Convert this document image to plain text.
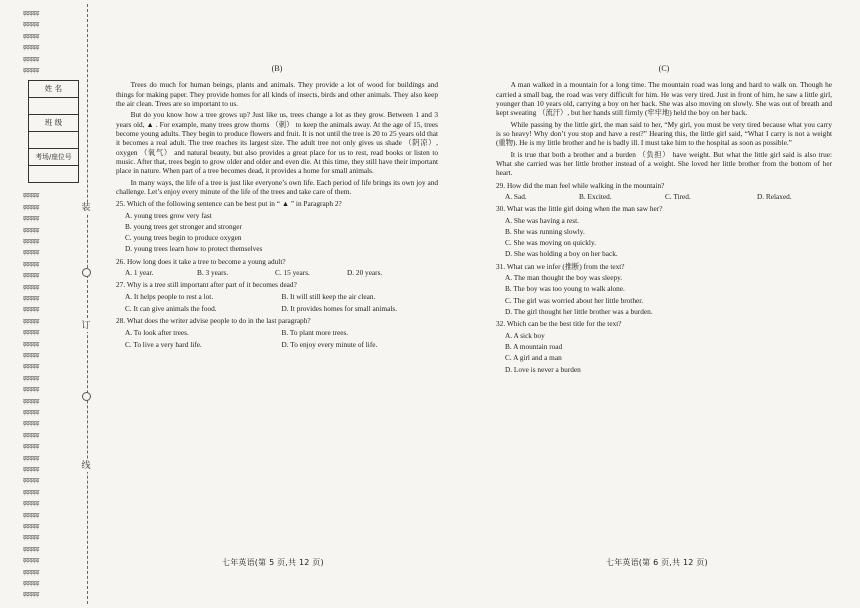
ढ़ढ़ढ़ढ़ढ़
ढ़ढ़ढ़ढ़ढ़
ढ़ढ़ढ़ढ़ढ़
ढ़ढ़ढ़ढ़ढ़
ढ़ढ़ढ़ढ़ढ़
ढ़ढ़ढ़ढ़ढ़
ढ़ढ़ढ़ढ़ढ़
ढ़ढ़ढ़ढ़ढ़
ढ़ढ़ढ़ढ़ढ़
ढ़ढ़ढ़ढ़ढ़
ढ़ढ़ढ़ढ़ढ़
ढ़ढ़ढ़ढ़ढ़
ढ़ढ़ढ़ढ़ढ़
ढ़ढ़ढ़ढ़ढ़
ढ़ढ़ढ़ढ़ढ़
ढ़ढ़ढ़ढ़ढ़
ढ़ढ़ढ़ढ़ढ़
ढ़ढ़ढ़ढ़ढ़
ढ़ढ़ढ़ढ़ढ़
ढ़ढ़ढ़ढ़ढ़
ढ़ढ़ढ़ढ़ढ़
ढ़ढ़ढ़ढ़ढ़
ढ़ढ़ढ़ढ़ढ़
ढ़ढ़ढ़ढ़ढ़
ढ़ढ़ढ़ढ़ढ़
ढ़ढ़ढ़ढ़ढ़
ढ़ढ़ढ़ढ़ढ़
ढ़ढ़ढ़ढ़ढ़
ढ़ढ़ढ़ढ़ढ़
ढ़ढ़ढ़ढ़ढ़
ढ़ढ़ढ़ढ़ढ़
ढ़ढ़ढ़ढ़ढ़
ढ़ढ़ढ़ढ़ढ़
ढ़ढ़ढ़ढ़ढ़
ढ़ढ़ढ़ढ़ढ़
ढ़ढ़ढ़ढ़ढ़
ढ़ढ़ढ़ढ़ढ़
ढ़ढ़ढ़ढ़ढ़
ढ़ढ़ढ़ढ़ढ़
ढ़ढ़ढ़ढ़ढ़
ढ़ढ़ढ़ढ़ढ़
ढ़ढ़ढ़ढ़ढ़
姓 名

班 级

考场/座位号

装
订
线
(B)

Trees do much for human beings, plants and animals. They provide a lot of wood for buildings and things for making paper. They provide homes for all kinds of insects, birds and other animals. They also keep the air clean. Trees are so important to us.

But do you know how a tree grows up? Just like us, trees change a lot as they grow. Between 1 and 3 years old, ▲ . For example, many trees grow thorns （刺） to keep the animals away. At the age of 15, trees become young adults. They begin to produce flowers and fruit. It is not until the tree is 20 to 25 years old that it becomes a real adult. The tree reaches its largest size. The adult tree not only gives us shade （阴凉）, oxygen （氧气） and natural beauty, but also provides a great place for us to rest, read books or listen to music. After that, trees begin to grow older and older and even die. At this time, they still have their important place in nature. When part of a tree becomes dead, it provides a home for small animals.

In many ways, the life of a tree is just like everyone’s own life. Each period of life brings its own joy and challenge. Let’s enjoy every minute of the life of the trees and take care of them.

25. Which of the following sentence can be best put in “ ▲ ” in Paragraph 2?
A. young trees grow very fast
B. young trees get stronger and stronger
C. young trees begin to produce oxygen
D. young trees learn how to protect themselves
26. How long does it take a tree to become a young adult?
A. 1 year.	B. 3 years.	C. 15 years.	D. 20 years.
27. Why is a tree still important after part of it becomes dead?
A. It helps people to rest a lot.	B. It will still keep the air clean.
C. It can give animals the food.	D. It provides homes for small animals.
28. What does the writer advise people to do in the last paragraph?
A. To look after trees.	B. To plant more trees.
C. To live a very hard life.	D. To enjoy every minute of life.
七年英语(第 5 页,共 12 页)
(C)

A man walked in a mountain for a long time. The mountain road was long and hard to walk on. Though he carried a small bag, the road was very difficult for him. He was very tired. Just in front of him, he saw a little girl, younger than 10 years old, carrying a boy on her back. She was also moving on slowly. She was out of breath and kept sweating （流汗）, but her hands still firmly (牢牢地) held the boy on her back.

While passing by the little girl, the man said to her, “My girl, you must be very tired because what you carry is so heavy! Why don’t you stop and have a rest?” Hearing this, the little girl said, “What I carry is not a weight (重物). He is my little brother and he is badly ill. I must take him to the hospital as soon as possible.”

It is true that both a brother and a burden （负担） have weight. But what the little girl said is also true: What she carried was her little brother instead of a weight. She loved her little brother from the bottom of her heart.

29. How did the man feel while walking in the mountain?
A. Sad.	B. Excited.	C. Tired.	D. Relaxed.
30. What was the little girl doing when the man saw her?
A. She was having a rest.
B. She was running slowly.
C. She was moving on quickly.
D. She was holding a boy on her back.
31. What can we infer (推断) from the text?
A. The man thought the boy was sleepy.
B. The boy was too young to walk alone.
C. The girl was worried about her little brother.
D. The girl thought her little brother was a burden.
32. Which can be the best title for the text?
A. A sick boy
B. A mountain road
C. A girl and a man
D. Love is never a burden
七年英语(第 6 页,共 12 页)
